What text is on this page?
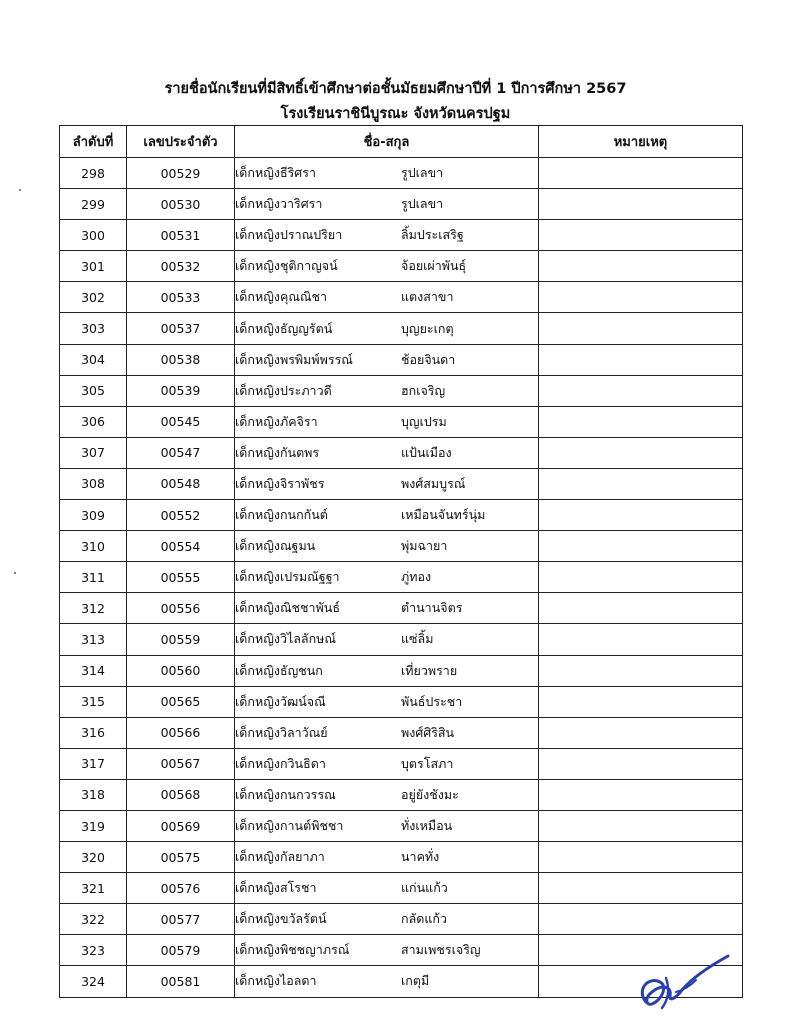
รายชื่อนักเรียนที่มีสิทธิ์เข้าศึกษาต่อชั้นมัธยมศึกษาปีที่ 1 ปีการศึกษา 2567
โรงเรียนราชินีบูรณะ จังหวัดนครปฐม
ลำดับที่	เลขประจำตัว	ชื่อ-สกุล	หมายเหตุ
298	00529	เด็กหญิงธีริศรา รูปเลขา	
299	00530	เด็กหญิงวาริศรา รูปเลขา	
300	00531	เด็กหญิงปราณปริยา ลิ้มประเสริฐ	
301	00532	เด็กหญิงชุติกาญจน์ จ้อยเผ่าพันธุ์	
302	00533	เด็กหญิงคุณณิชา แตงสาขา	
303	00537	เด็กหญิงธัญญรัตน์ บุญยะเกตุ	
304	00538	เด็กหญิงพรพิมพ์พรรณ์ ช้อยจินดา	
305	00539	เด็กหญิงประภาวดี ฮกเจริญ	
306	00545	เด็กหญิงภัคจิรา บุญเปรม	
307	00547	เด็กหญิงกันตพร แป้นเมือง	
308	00548	เด็กหญิงจิราพัชร พงศ์สมบูรณ์	
309	00552	เด็กหญิงกนกกันต์ เหมือนจันทร์นุ่ม	
310	00554	เด็กหญิงณฐมน พุ่มฉายา	
311	00555	เด็กหญิงเปรมณัฐฐา ภู่ทอง	
312	00556	เด็กหญิงณิชชาพันธ์ ตำนานจิตร	
313	00559	เด็กหญิงวิไลลักษณ์ แซ่ลิ้ม	
314	00560	เด็กหญิงธัญชนก เที่ยวพราย	
315	00565	เด็กหญิงวัฒน์จณี พันธ์ประชา	
316	00566	เด็กหญิงวิลาวัณย์ พงศ์ศิริสิน	
317	00567	เด็กหญิงกวินธิดา บุตรโสภา	
318	00568	เด็กหญิงกนกวรรณ อยู่ยังชังมะ	
319	00569	เด็กหญิงกานต์พิชชา ทั่งเหมือน	
320	00575	เด็กหญิงกัลยาภา นาคทั่ง	
321	00576	เด็กหญิงสโรชา แก่นแก้ว	
322	00577	เด็กหญิงขวัลรัตน์ กลัดแก้ว	
323	00579	เด็กหญิงพิชชญาภรณ์ สามเพชรเจริญ	
324	00581	เด็กหญิงไอลดา เกตุมี	
